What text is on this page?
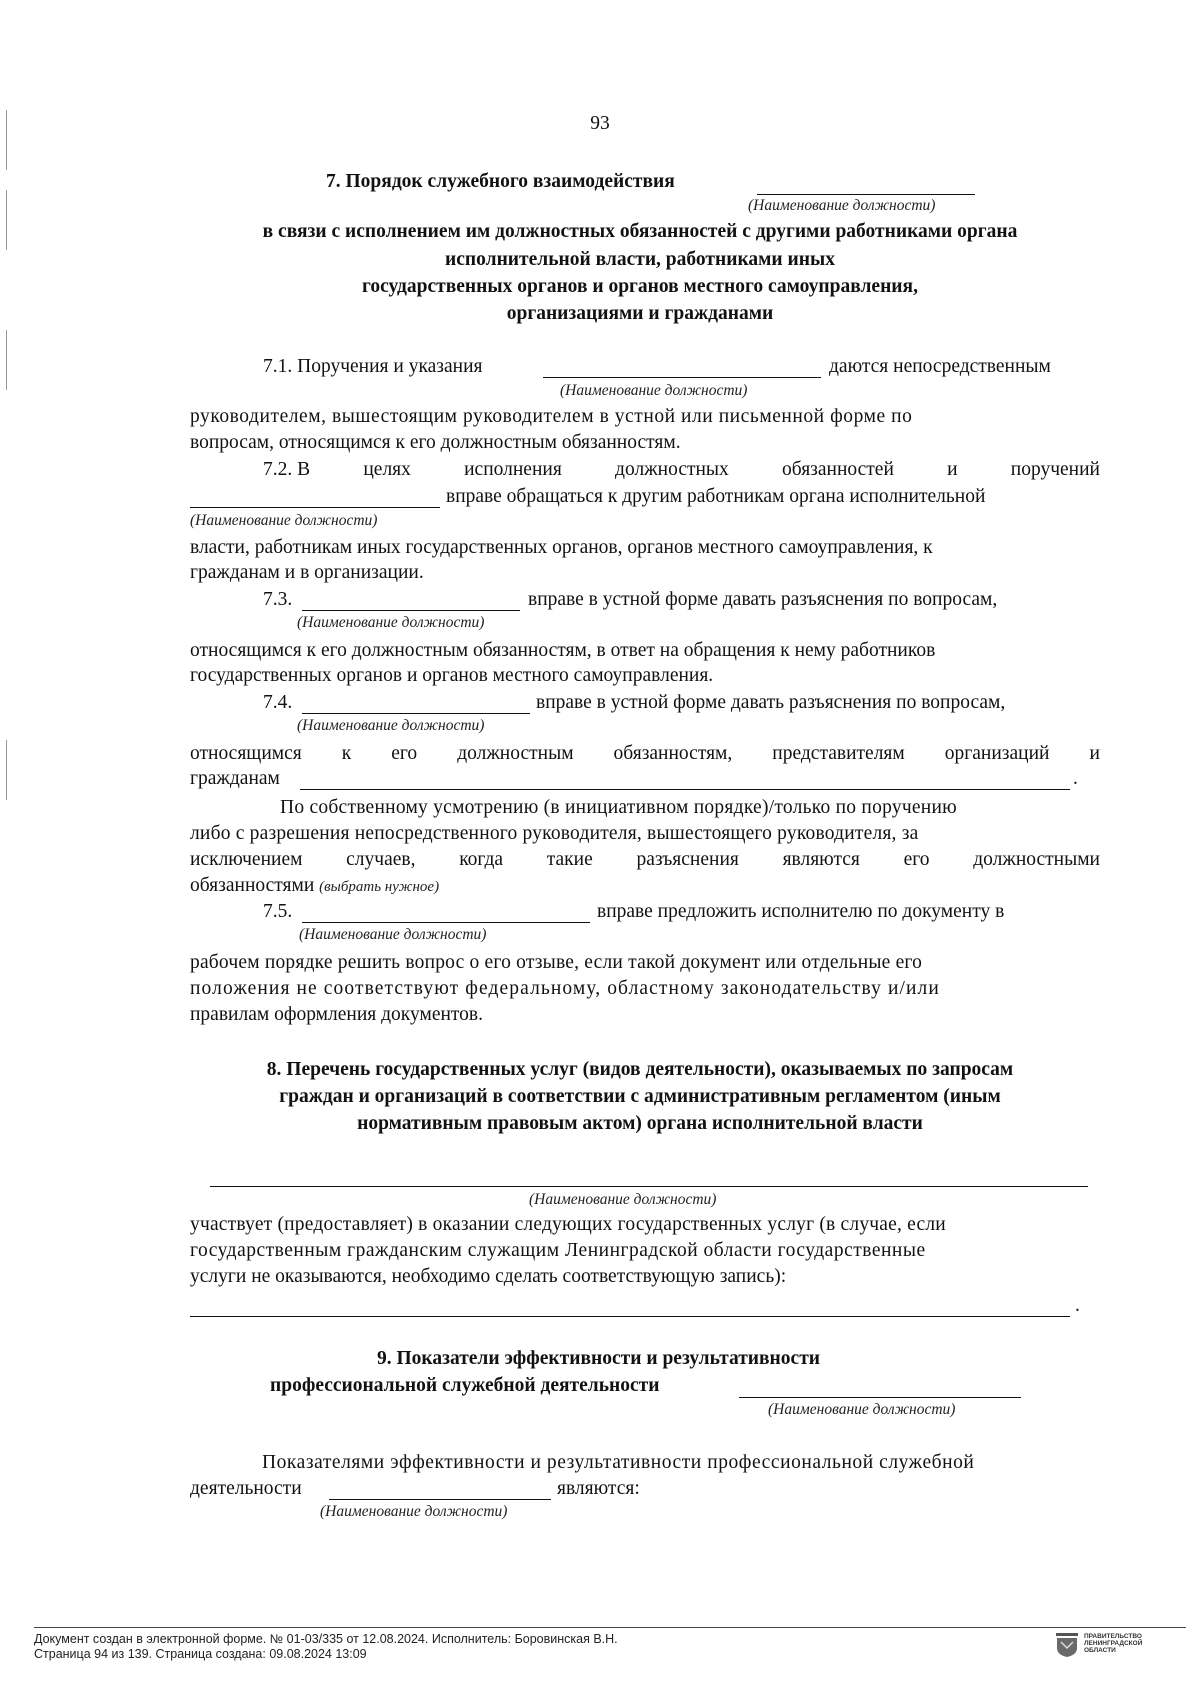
93
7. Порядок служебного взаимодействия
(Наименование должности)
в связи с исполнением им должностных обязанностей с другими работниками органа
исполнительной власти, работниками иных
государственных органов и органов местного самоуправления,
организациями и гражданами
7.1. Поручения и указания	даются непосредственным
(Наименование должности)
руководителем, вышестоящим руководителем в устной или письменной форме по
вопросам, относящимся к его должностным обязанностям.
7.2. В	целях	исполнения	должностных	обязанностей	и	поручений
вправе обращаться к другим работникам органа исполнительной
(Наименование должности)
власти, работникам иных государственных органов, органов местного самоуправления, к
гражданам и в организации.
7.3.	вправе в устной форме давать разъяснения по вопросам,
(Наименование должности)
относящимся к его должностным обязанностям, в ответ на обращения к нему работников
государственных органов и органов местного самоуправления.
7.4.	вправе в устной форме давать разъяснения по вопросам,
(Наименование должности)
относящимся к его должностным обязанностям, представителям организаций и
гражданам	.
По собственному усмотрению (в инициативном порядке)/только по поручению
либо с разрешения непосредственного руководителя, вышестоящего руководителя, за
исключением случаев, когда такие разъяснения являются его должностными
обязанностями (выбрать нужное)
7.5.	вправе предложить исполнителю по документу в
(Наименование должности)
рабочем порядке решить вопрос о его отзыве, если такой документ или отдельные его
положения не соответствуют федеральному, областному законодательству и/или
правилам оформления документов.
8. Перечень государственных услуг (видов деятельности), оказываемых по запросам
граждан и организаций в соответствии с административным регламентом (иным
нормативным правовым актом) органа исполнительной власти
(Наименование должности)
участвует (предоставляет) в оказании следующих государственных услуг (в случае, если
государственным гражданским служащим Ленинградской области государственные
услуги не оказываются, необходимо сделать соответствующую запись):
.
9. Показатели эффективности и результативности
профессиональной служебной деятельности
(Наименование должности)
Показателями эффективности и результативности профессиональной служебной
деятельности	являются:
(Наименование должности)
Документ создан в электронной форме. № 01-03/335 от 12.08.2024. Исполнитель: Боровинская В.Н.
Страница 94 из 139. Страница создана: 09.08.2024 13:09
ПРАВИТЕЛЬСТВО
ЛЕНИНГРАДСКОЙ
ОБЛАСТИ
